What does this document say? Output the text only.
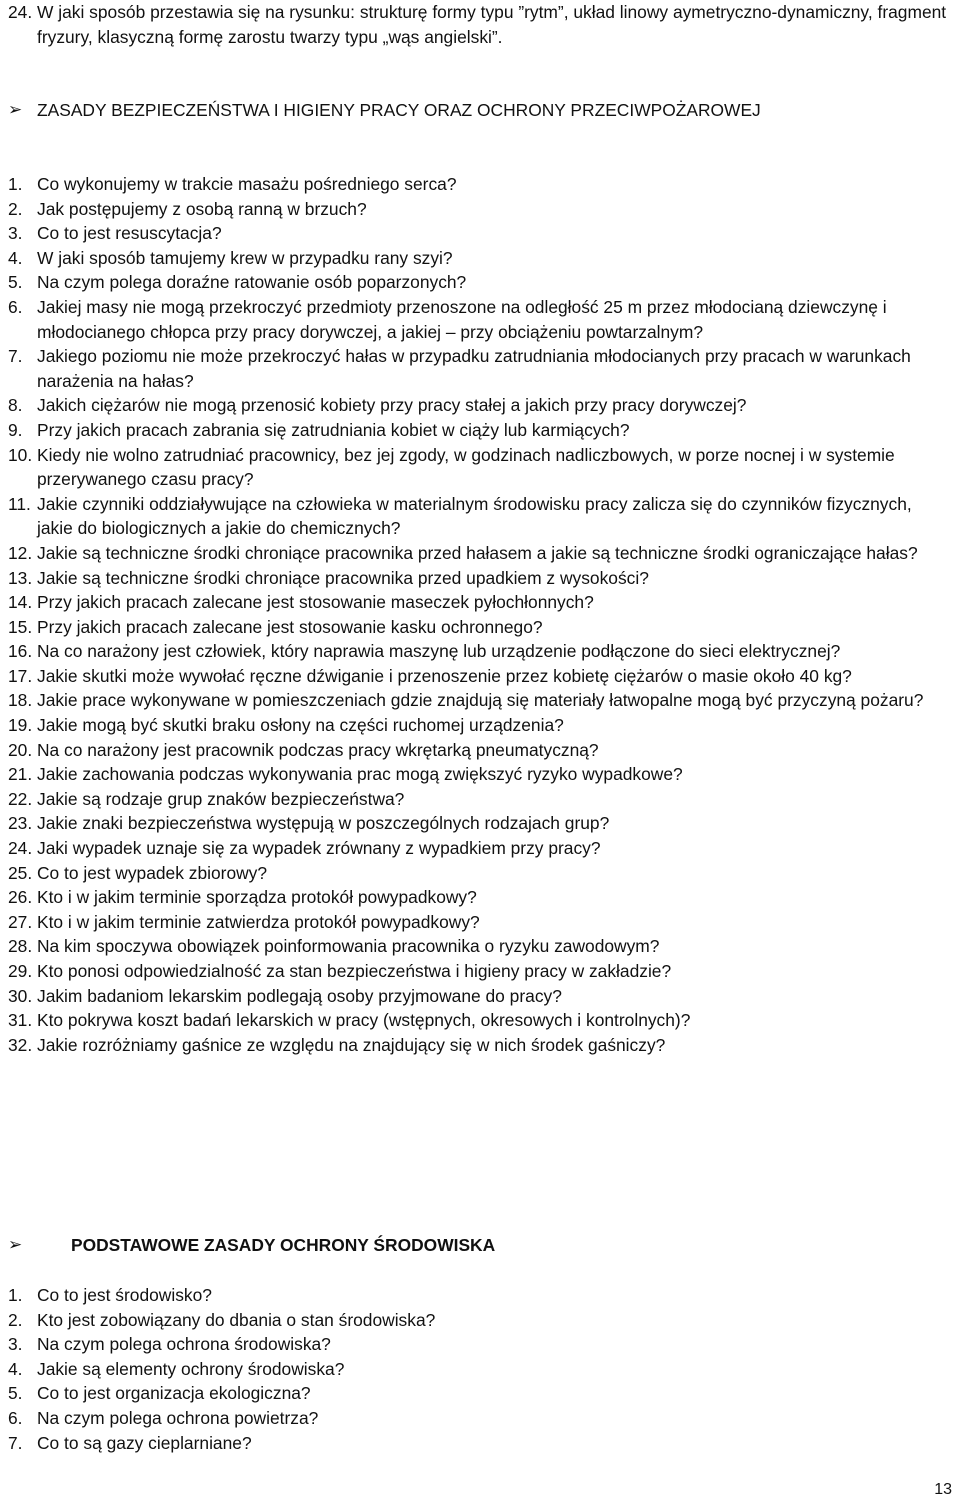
24. W jaki sposób przestawia się na rysunku: strukturę formy typu ”rytm”, układ linowy aymetryczno-dynamiczny, fragment fryzury, klasyczną formę zarostu twarzy typu „wąs angielski”.
➢ ZASADY BEZPIECZEŃSTWA I HIGIENY PRACY ORAZ OCHRONY PRZECIWPOŻAROWEJ
1. Co wykonujemy w trakcie masażu pośredniego serca?
2. Jak postępujemy z osobą ranną w brzuch?
3. Co to jest resuscytacja?
4. W jaki sposób tamujemy krew w przypadku rany szyi?
5. Na czym polega doraźne ratowanie osób poparzonych?
6. Jakiej masy nie mogą przekroczyć przedmioty przenoszone na odległość 25 m przez młodocianą dziewczynę i młodocianego chłopca przy pracy dorywczej, a jakiej – przy obciążeniu powtarzalnym?
7. Jakiego poziomu nie może przekroczyć hałas w przypadku zatrudniania młodocianych przy pracach w warunkach narażenia na hałas?
8. Jakich ciężarów nie mogą przenosić kobiety przy pracy stałej a jakich przy pracy dorywczej?
9. Przy jakich pracach zabrania się zatrudniania kobiet w ciąży lub karmiących?
10. Kiedy nie wolno zatrudniać pracownicy, bez jej zgody, w godzinach nadliczbowych, w porze nocnej i w systemie przerywanego czasu pracy?
11. Jakie czynniki oddziaływujące na człowieka w materialnym środowisku pracy zalicza się do czynników fizycznych, jakie do biologicznych a jakie do chemicznych?
12. Jakie są techniczne środki chroniące pracownika przed hałasem a jakie są techniczne środki ograniczające hałas?
13. Jakie są techniczne środki chroniące pracownika przed upadkiem z wysokości?
14. Przy jakich pracach zalecane jest stosowanie maseczek pyłochłonnych?
15. Przy jakich pracach zalecane jest stosowanie kasku ochronnego?
16. Na co narażony jest człowiek, który naprawia maszynę lub urządzenie podłączone do sieci elektrycznej?
17. Jakie skutki może wywołać ręczne dźwiganie i przenoszenie przez kobietę ciężarów o masie około 40 kg?
18. Jakie prace wykonywane w pomieszczeniach gdzie znajdują się materiały łatwopalne mogą być przyczyną pożaru?
19. Jakie mogą być skutki braku osłony na części ruchomej urządzenia?
20. Na co narażony jest pracownik podczas pracy wkrętarką pneumatyczną?
21. Jakie zachowania podczas wykonywania prac mogą zwiększyć ryzyko wypadkowe?
22. Jakie są rodzaje grup znaków bezpieczeństwa?
23. Jakie znaki bezpieczeństwa występują w poszczególnych rodzajach grup?
24. Jaki wypadek uznaje się za wypadek zrównany z wypadkiem przy pracy?
25. Co to jest wypadek zbiorowy?
26. Kto i w jakim terminie sporządza protokół powypadkowy?
27. Kto i w jakim terminie zatwierdza protokół powypadkowy?
28. Na kim spoczywa obowiązek poinformowania pracownika o ryzyku zawodowym?
29. Kto ponosi odpowiedzialność za stan bezpieczeństwa i higieny pracy w zakładzie?
30. Jakim badaniom lekarskim podlegają osoby przyjmowane do pracy?
31. Kto pokrywa koszt badań lekarskich w pracy (wstępnych, okresowych i kontrolnych)?
32. Jakie rozróżniamy gaśnice ze względu na znajdujący się w nich środek gaśniczy?
➢	PODSTAWOWE ZASADY OCHRONY ŚRODOWISKA
1. Co to jest środowisko?
2. Kto jest zobowiązany do dbania o stan środowiska?
3. Na czym polega ochrona środowiska?
4. Jakie są elementy ochrony środowiska?
5. Co to jest organizacja ekologiczna?
6. Na czym polega ochrona powietrza?
7. Co to są gazy cieplarniane?
13
